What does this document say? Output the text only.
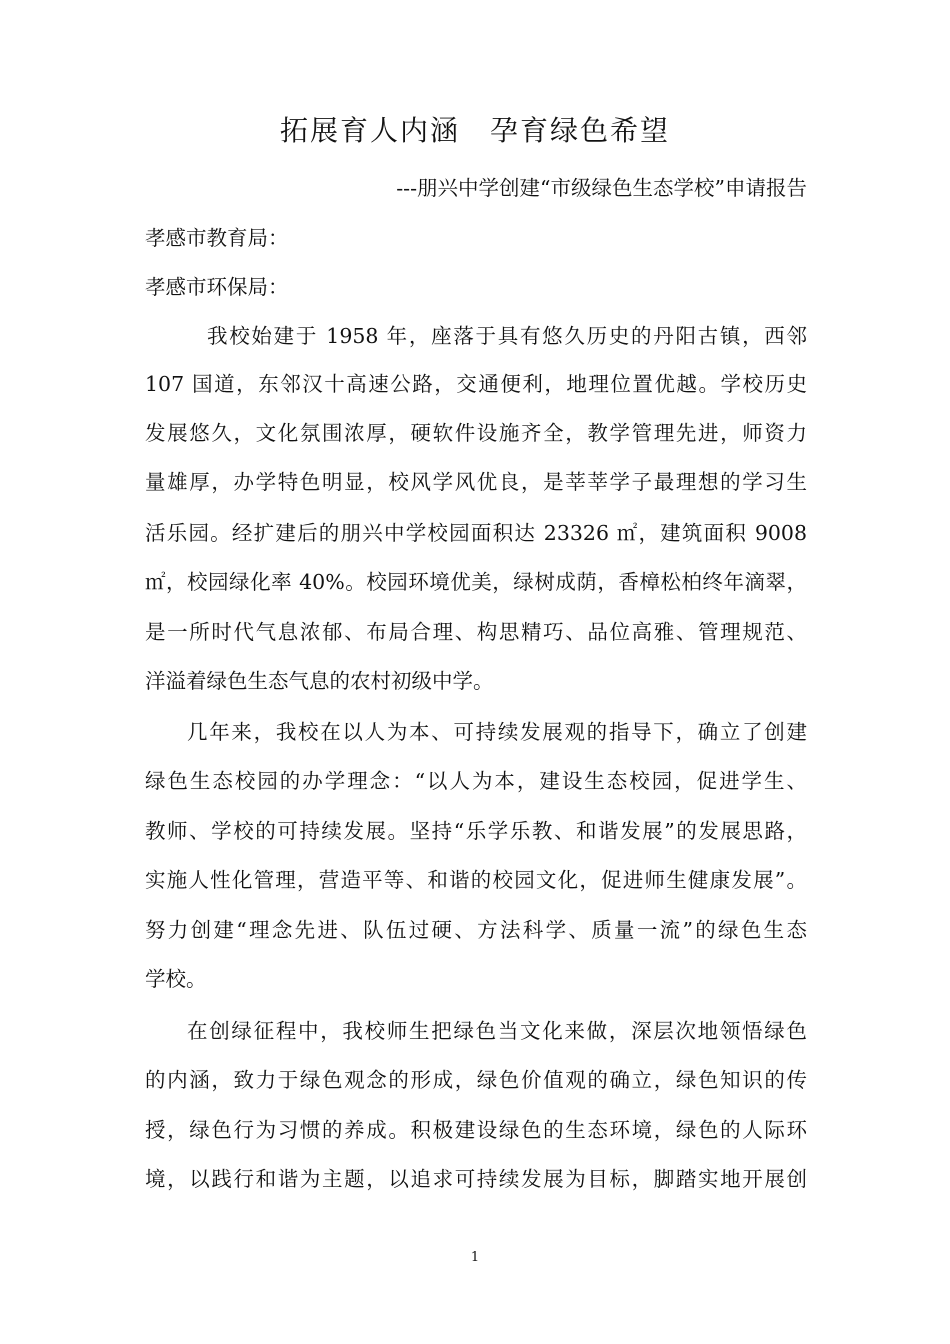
拓展育人内涵　孕育绿色希望
---朋兴中学创建“市级绿色生态学校”申请报告
孝感市教育局：
孝感市环保局：
我校始建于 1958 年，座落于具有悠久历史的丹阳古镇，西邻
107 国道，东邻汉十高速公路，交通便利，地理位置优越。学校历史
发展悠久，文化氛围浓厚，硬软件设施齐全，教学管理先进，师资力
量雄厚，办学特色明显，校风学风优良，是莘莘学子最理想的学习生
活乐园。经扩建后的朋兴中学校园面积达 23326 ㎡，建筑面积 9008
㎡，校园绿化率 40%。校园环境优美，绿树成荫，香樟松柏终年滴翠，
是一所时代气息浓郁、布局合理、构思精巧、品位高雅、管理规范、
洋溢着绿色生态气息的农村初级中学。
几年来，我校在以人为本、可持续发展观的指导下，确立了创建
绿色生态校园的办学理念：“以人为本，建设生态校园，促进学生、
教师、学校的可持续发展。坚持“乐学乐教、和谐发展”的发展思路，
实施人性化管理，营造平等、和谐的校园文化，促进师生健康发展”。
努力创建“理念先进、队伍过硬、方法科学、质量一流”的绿色生态
学校。
在创绿征程中，我校师生把绿色当文化来做，深层次地领悟绿色
的内涵，致力于绿色观念的形成，绿色价值观的确立，绿色知识的传
授，绿色行为习惯的养成。积极建设绿色的生态环境，绿色的人际环
境，以践行和谐为主题，以追求可持续发展为目标，脚踏实地开展创
1
